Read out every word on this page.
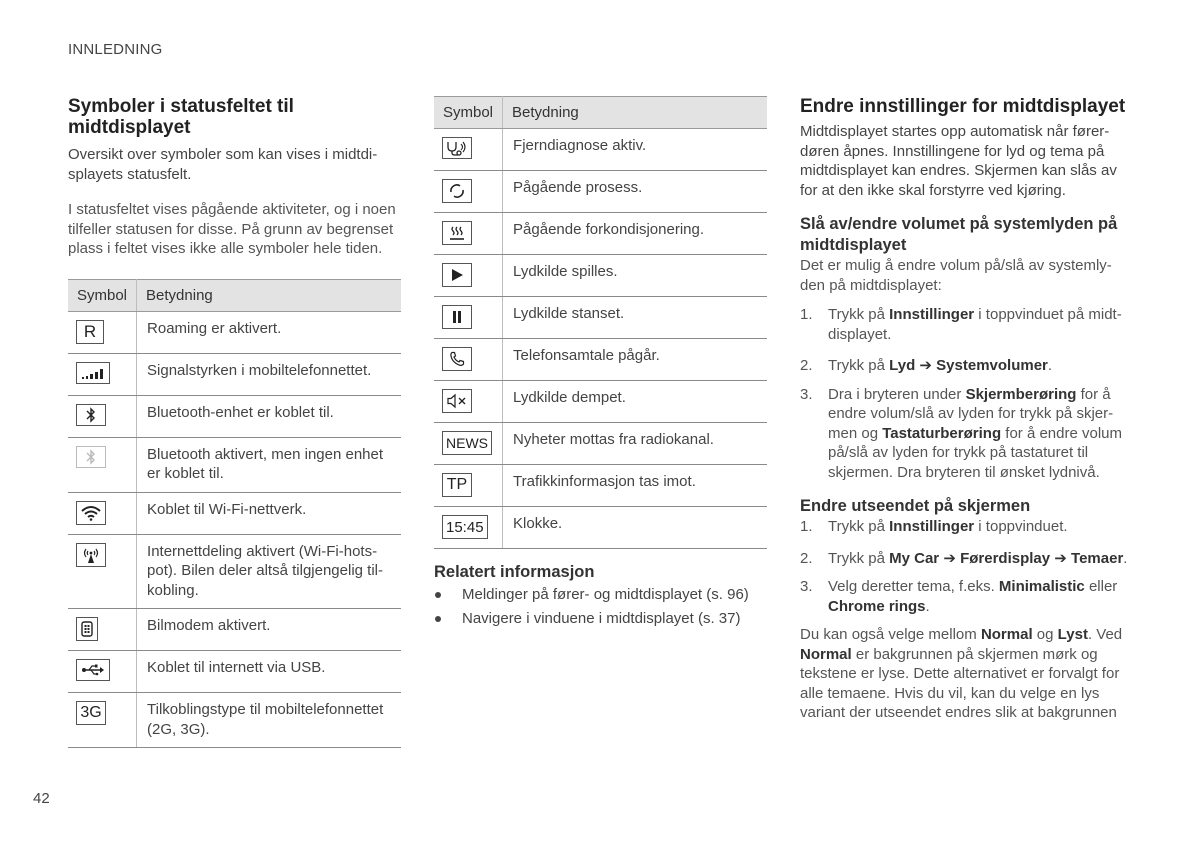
INNLEDNING
Symboler i statusfeltet til midtdisplayet

Oversikt over symboler som kan vises i midtdisplayets statusfelt.

I statusfeltet vises pågående aktiviteter, og i noen tilfeller statusen for disse. På grunn av begrenset plass i feltet vises ikke alle symboler hele tiden.

Symbol	Betydning

R	Roaming er aktivert.

	Signalstyrken i mobiltelefonnettet.

	Bluetooth-enhet er koblet til.

	Bluetooth aktivert, men ingen enhet er koblet til.

	Koblet til Wi-Fi-nettverk.

	Internettdeling aktivert (Wi-Fi-hotspot). Bilen deler altså tilgjengelig tilkobling.

	Bilmodem aktivert.

	Koblet til internett via USB.

3G	Tilkoblingstype til mobiltelefonnettet (2G, 3G).
Symbol	Betydning

	Fjerndiagnose aktiv.

	Pågående prosess.

	Pågående forkondisjonering.

	Lydkilde spilles.

	Lydkilde stanset.

	Telefonsamtale pågår.

	Lydkilde dempet.

NEWS	Nyheter mottas fra radiokanal.

TP	Trafikkinformasjon tas imot.

15:45	Klokke.
Relatert informasjon
Meldinger på fører- og midtdisplayet (s. 96)
Navigere i vinduene i midtdisplayet (s. 37)
Endre innstillinger for midtdisplayet

Midtdisplayet startes opp automatisk når førerdøren åpnes. Innstillingene for lyd og tema på midtdisplayet kan endres. Skjermen kan slås av for at den ikke skal forstyrre ved kjøring.

Slå av/endre volumet på systemlyden på midtdisplayet

Det er mulig å endre volum på/slå av systemlyden på midtdisplayet:

1. Trykk på Innstillinger i toppvinduet på midtdisplayet.
2. Trykk på Lyd ➔ Systemvolumer.
3. Dra i bryteren under Skjermberøring for å endre volum/slå av lyden for trykk på skjermen og Tastaturberøring for å endre volum på/slå av lyden for trykk på tastaturet til skjermen. Dra bryteren til ønsket lydnivå.
Endre utseendet på skjermen
1. Trykk på Innstillinger i toppvinduet.
2. Trykk på My Car ➔ Førerdisplay ➔ Temaer.
3. Velg deretter tema, f.eks. Minimalistic eller Chrome rings.

Du kan også velge mellom Normal og Lyst. Ved Normal er bakgrunnen på skjermen mørk og tekstene er lyse. Dette alternativet er forvalgt for alle temaene. Hvis du vil, kan du velge en lys variant der utseendet endres slik at bakgrunnen

42
